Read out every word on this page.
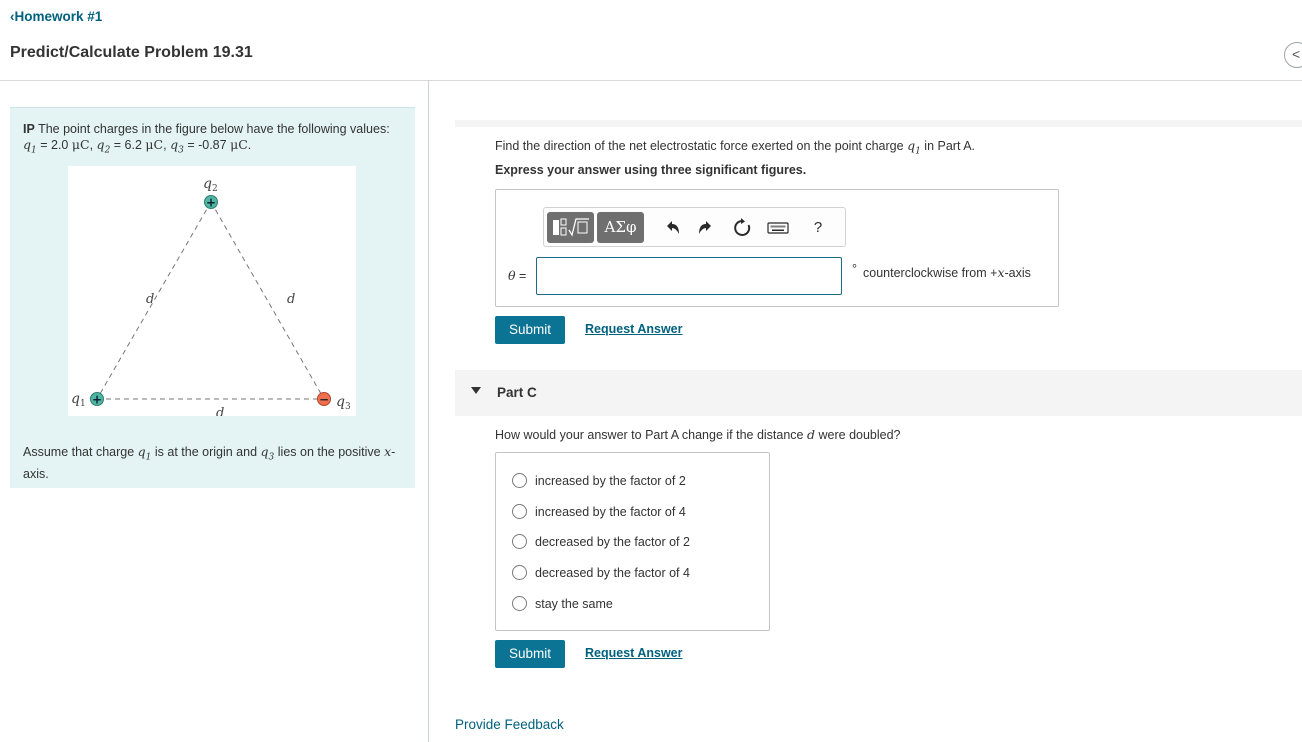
‹Homework #1
Predict/Calculate Problem 19.31	<
IP The point charges in the figure below have the following values: $q_1 = 2.0$ μC, $q_2 = 6.2$ μC, $q_3 = -0.87$ μC.
+
+	−
q 2
q 1	q 3
d	d
d
Assume that charge $q_1$ is at the origin and $q_3$ lies on the positive x-axis.
Find the direction of the net electrostatic force exerted on the point charge $q_1$ in Part A.
Express your answer using three significant figures.
ΑΣφ	?
θ =	° counterclockwise from +x-axis
Submit	Request Answer
Part C
How would your answer to Part A change if the distance d were doubled?
increased by the factor of 2
increased by the factor of 4
decreased by the factor of 2
decreased by the factor of 4
stay the same
Submit	Request Answer
Provide Feedback
